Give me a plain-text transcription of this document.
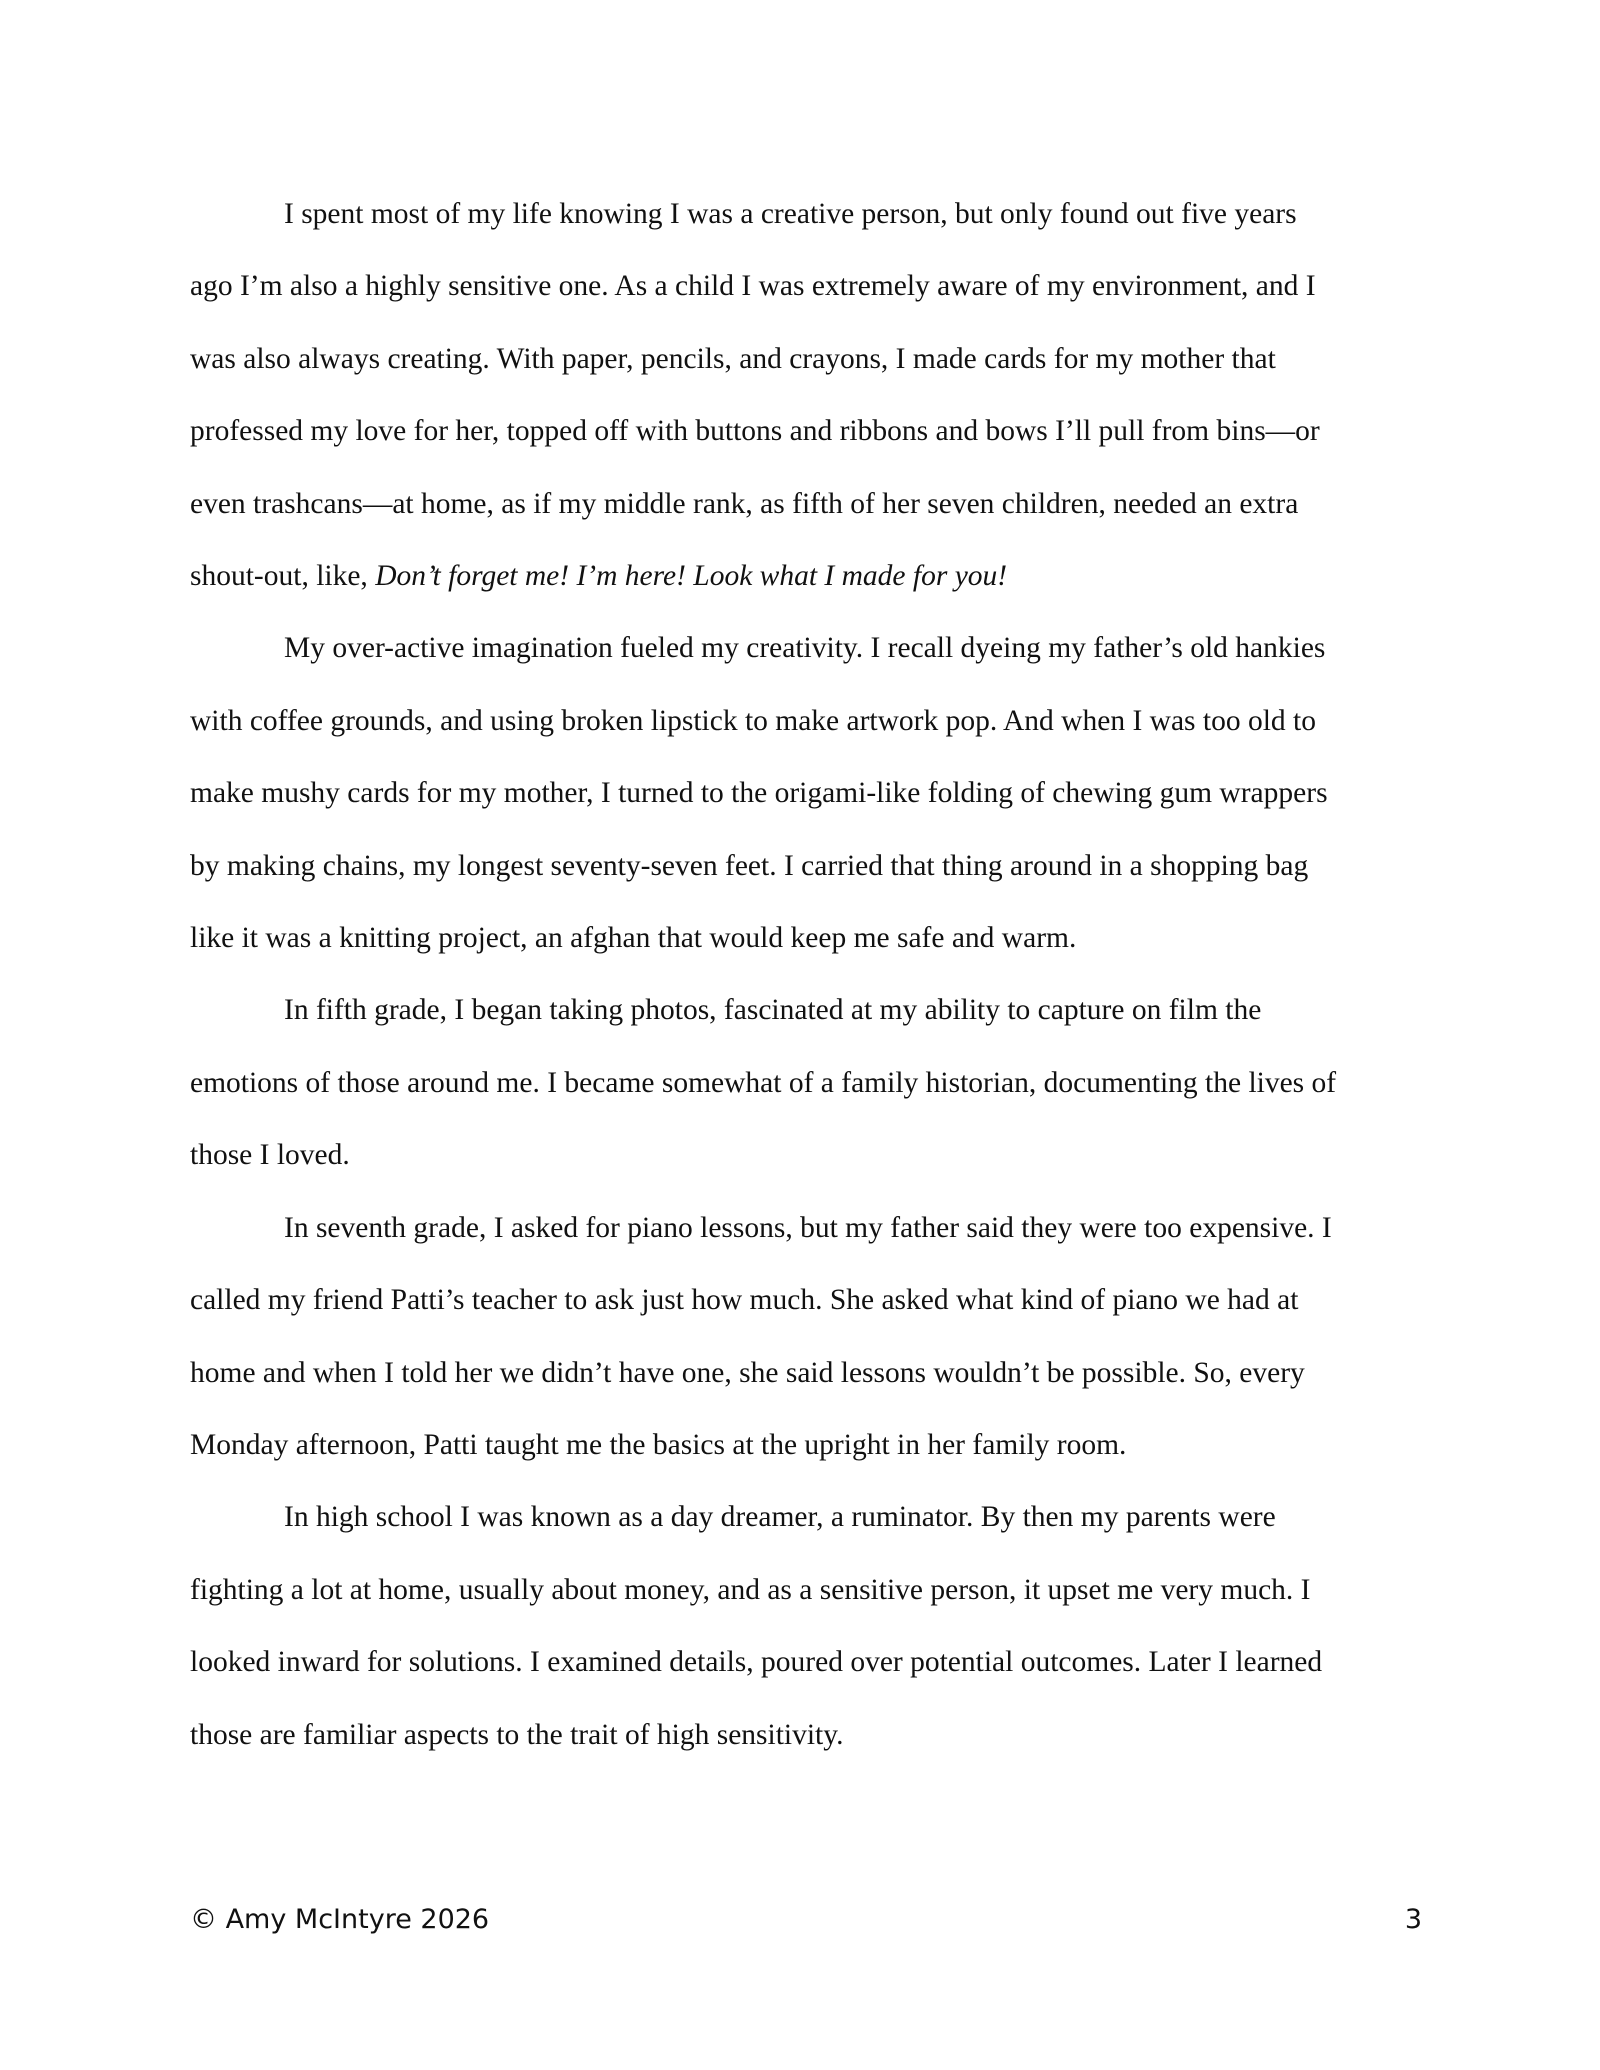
I spent most of my life knowing I was a creative person, but only found out five years
ago I’m also a highly sensitive one. As a child I was extremely aware of my environment, and I
was also always creating. With paper, pencils, and crayons, I made cards for my mother that
professed my love for her, topped off with buttons and ribbons and bows I’ll pull from bins—or
even trashcans—at home, as if my middle rank, as fifth of her seven children, needed an extra
shout-out, like, Don’t forget me! I’m here! Look what I made for you!

My over-active imagination fueled my creativity. I recall dyeing my father’s old hankies
with coffee grounds, and using broken lipstick to make artwork pop. And when I was too old to
make mushy cards for my mother, I turned to the origami-like folding of chewing gum wrappers
by making chains, my longest seventy-seven feet. I carried that thing around in a shopping bag
like it was a knitting project, an afghan that would keep me safe and warm.

In fifth grade, I began taking photos, fascinated at my ability to capture on film the
emotions of those around me. I became somewhat of a family historian, documenting the lives of
those I loved.

In seventh grade, I asked for piano lessons, but my father said they were too expensive. I
called my friend Patti’s teacher to ask just how much. She asked what kind of piano we had at
home and when I told her we didn’t have one, she said lessons wouldn’t be possible. So, every
Monday afternoon, Patti taught me the basics at the upright in her family room.

In high school I was known as a day dreamer, a ruminator. By then my parents were
fighting a lot at home, usually about money, and as a sensitive person, it upset me very much. I
looked inward for solutions. I examined details, poured over potential outcomes. Later I learned
those are familiar aspects to the trait of high sensitivity.

© Amy McIntyre 2026	3
